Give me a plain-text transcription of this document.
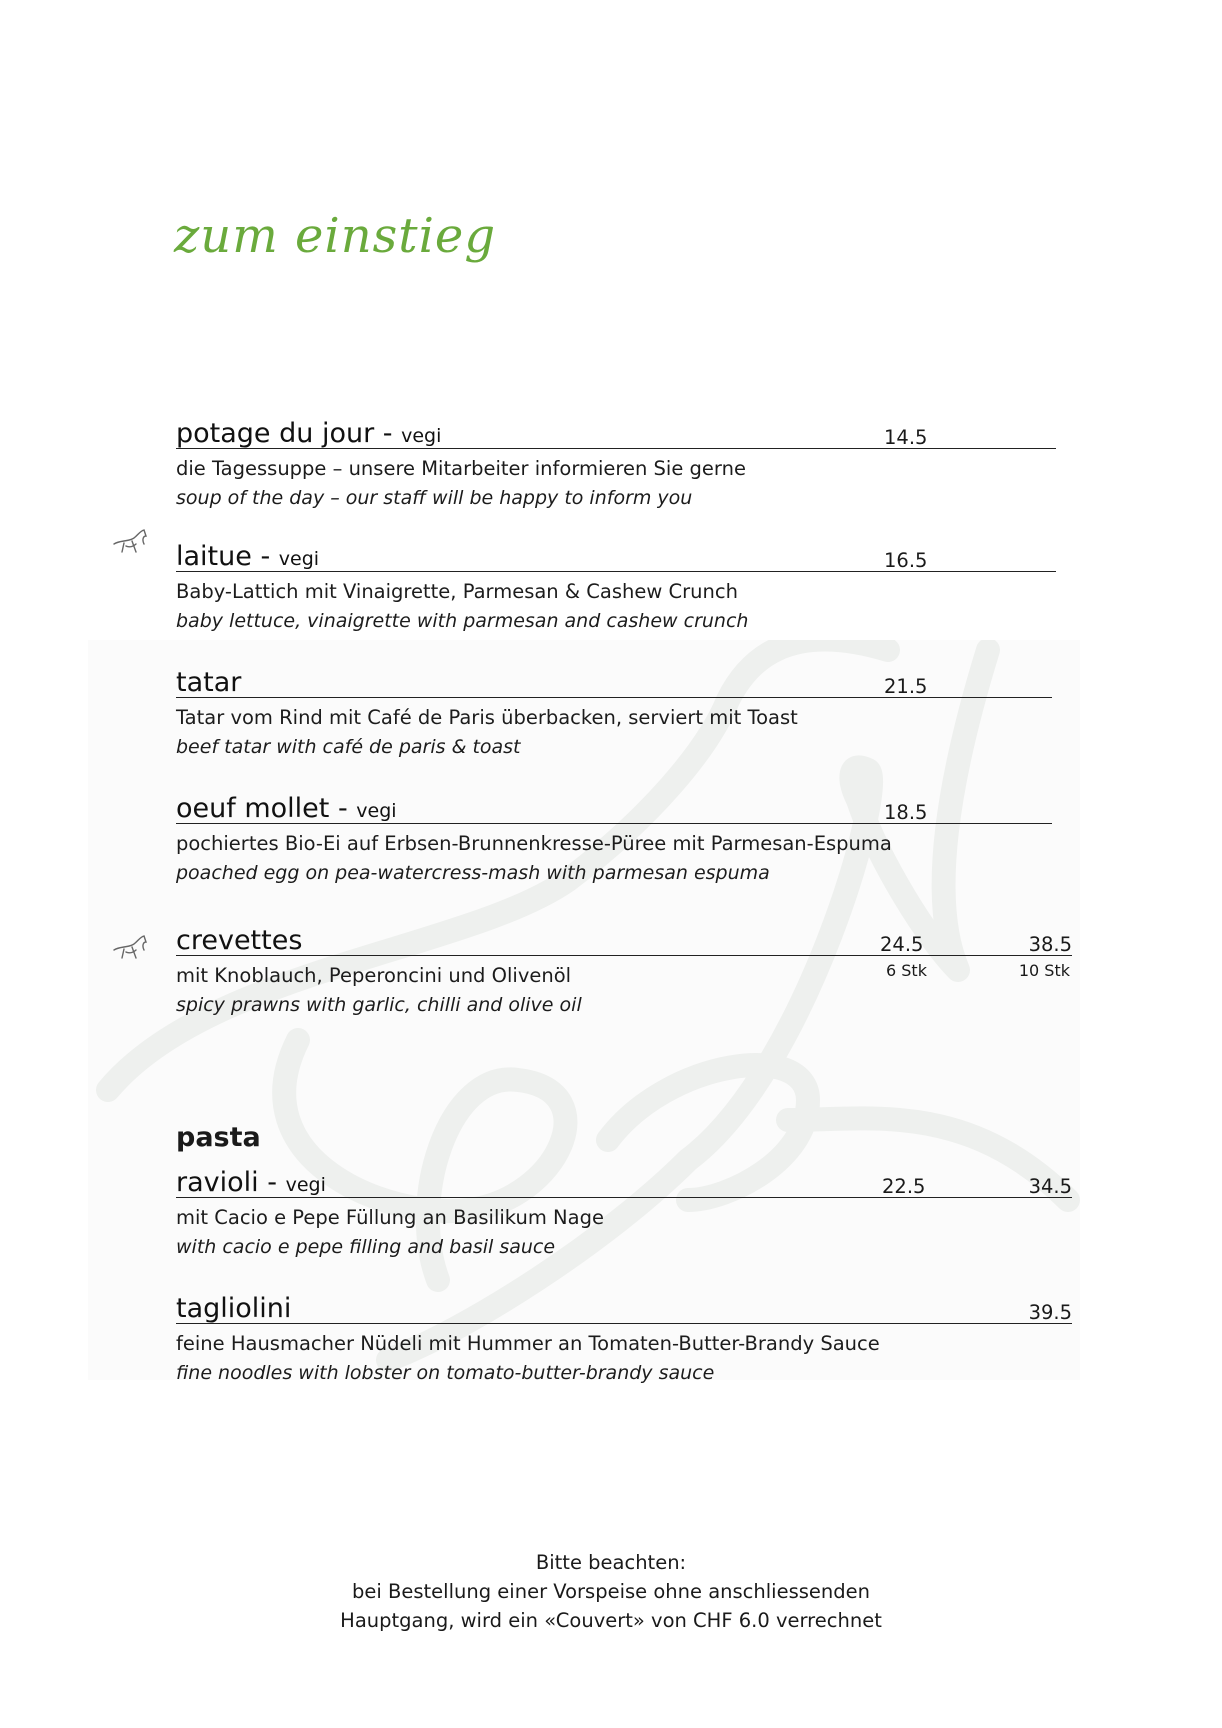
zum einstieg
potage du jour - vegi	14.5
die Tagessuppe – unsere Mitarbeiter informieren Sie gerne
soup of the day – our staff will be happy to inform you
laitue - vegi	16.5
Baby-Lattich mit Vinaigrette, Parmesan & Cashew Crunch
baby lettuce, vinaigrette with parmesan and cashew crunch
tatar	21.5
Tatar vom Rind mit Café de Paris überbacken, serviert mit Toast
beef tatar with café de paris & toast
oeuf mollet - vegi	18.5
pochiertes Bio-Ei auf Erbsen-Brunnenkresse-Püree mit Parmesan-Espuma
poached egg on pea-watercress-mash with parmesan espuma
crevettes	24.5	38.5
6 Stk	10 Stk
mit Knoblauch, Peperoncini und Olivenöl
spicy prawns with garlic, chilli and olive oil
pasta
ravioli - vegi	22.5	34.5
mit Cacio e Pepe Füllung an Basilikum Nage
with cacio e pepe filling and basil sauce
tagliolini	39.5
feine Hausmacher Nüdeli mit Hummer an Tomaten-Butter-Brandy Sauce
fine noodles with lobster on tomato-butter-brandy sauce
Bitte beachten:
bei Bestellung einer Vorspeise ohne anschliessenden
Hauptgang, wird ein «Couvert» von CHF 6.0 verrechnet
